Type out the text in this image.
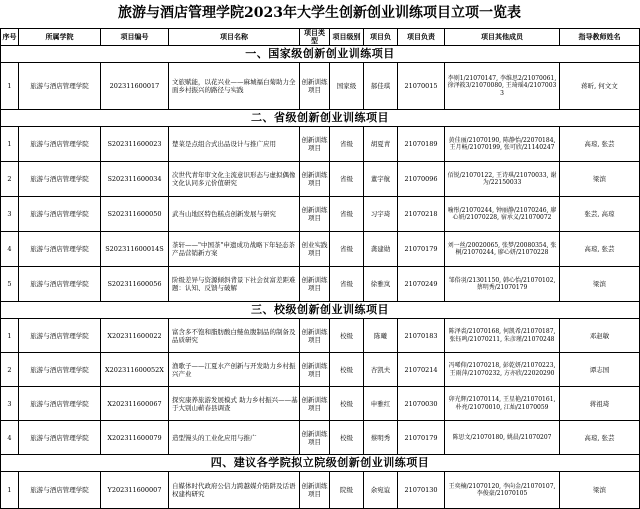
旅游与酒店管理学院2023年大学生创新创业训练项目立项一览表
序号	所属学院	项目编号	项目名称	项目类型	项目级别	项目负	项目负责	项目其他成员	指导教师姓名
一、国家级创新创业训练项目									
1	旅游与酒店管理学院	202311600017	文旅赋能，以花兴业——麻城福白菊助力全面乡村振兴的路径与实践	创新训练项目	国家级	郝佳琪	21070015	李则1/21070147, 李维思2/21070061, 徐泽筱3/21070080, 王琦瑶4/21070033	蒋昕, 何文文
二、省级创新创业训练项目									
1	旅游与酒店管理学院	S202311600023	楚菜是点组合式出品设计与推广应用	创新训练项目	省级	胡夏青	21070189	黄佳丽/21070190, 陈静怡/22070184, 王月畅/21070199, 张可欣/21140247	高琼, 张芸
2	旅游与酒店管理学院	S202311600034	次世代青年审文化主流意识形态与虚拟偶像文化认同多元价值研究	创新训练项目	省级	董宇航	21070096	佰锐/21070122, 王诗琪/21070033, 谢为/22150033	梁滨
3	旅游与酒店管理学院	S202311600050	武当山地区特色糕点创新发展与研究	创新训练项目	省级	习宇琦	21070218	喻彤/21070244, 钟丽静/21070246, 廖心妍/21070228, 宿承义/21070072	张芸, 高琼
4	旅游与酒店管理学院	S202311600014S	茶轩——"中国茶"申遗成功战略下年轻态茶产品营销新方案	创业实践项目	省级	龚建勋	21070179	刘一丝/20020065, 张梦/20080354, 张桐/21070244, 廖心妍/21070228	高琼, 张芸
5	旅游与酒店管理学院	S202311600056	阶级差异与资源倾斜背景下社会贫富差距难题：认知、反馈与破解	创新训练项目	省级	徐雅岚	21070249	邹俗羽/21301150, 韩心怡/21070102, 蔡明秀/21070179	梁滨
三、校级创新创业训练项目									
1	旅游与酒店管理学院	X202311600022	富含多不饱和脂肪酸白鲢鱼腹制品的制备及品质研究	创新训练项目	校级	陈曦	21070183	陈泽裘/21070168, 何凯希/21070187, 张钰鸣/21070211, 朱彦瑾/21070248	邓赵敏
2	旅游与酒店管理学院	X202311600052X	渔歌子——江夏水产创新与开发助力乡村振兴产业	创新训练项目	校级	杏凯夫	21070214	冯唏仰/21070218, 彭乾妍/21070223, 王雨萍/21070232, 方亦欣/22020290	谭志国
3	旅游与酒店管理学院	X202311600067	探究康养旅游发展模式 助力乡村振兴——基于大别山蕲春县调查	创新训练项目	校级	申雅红	21070030	卯光辉/21070114, 王星艳/21070161, 朴亮/21070010, 江灿/21070059	蒋祖琦
4	旅游与酒店管理学院	X202311600079	造型馒头的工业化应用与推广	创新训练项目	校级	蔡明秀	21070179	陈思文/21070180, 姚晨/21070207	高琼, 张芸
四、建议各学院拟立院级创新创业训练项目									
1	旅游与酒店管理学院	Y202311600007	自媒体时代政府公信力跨越媒介陷阱及话语权建构研究	创新训练项目	院级	余宛谊	21070130	王奕楠/21070120, 李向金/21070107, 李俊豪/21070105	梁滨
